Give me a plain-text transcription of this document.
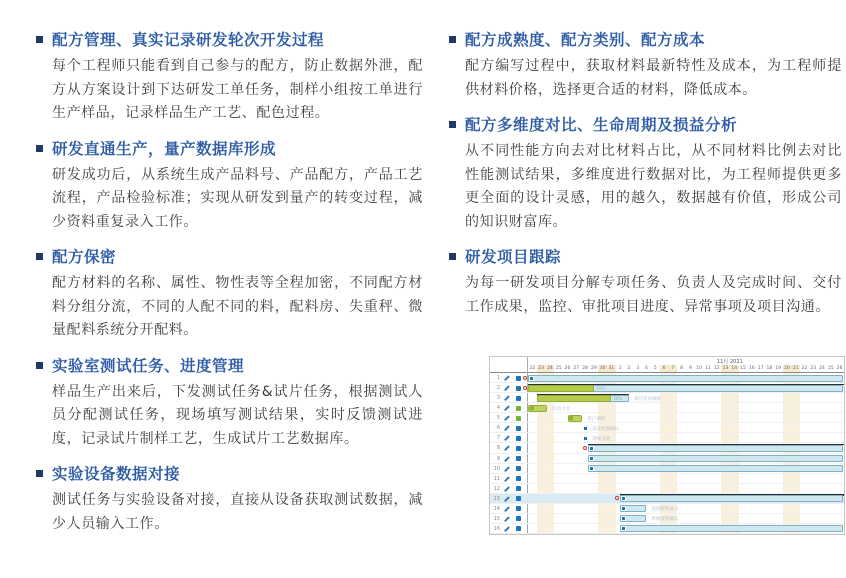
配方管理、真实记录研发轮次开发过程

每个工程师只能看到自己参与的配方，防止数据外泄，配方从方案设计到下达研发工单任务，制样小组按工单进行生产样品，记录样品生产工艺、配色过程。

研发直通生产，量产数据库形成

研发成功后，从系统生成产品料号、产品配方，产品工艺流程，产品检验标准；实现从研发到量产的转变过程，减少资料重复录入工作。

配方保密

配方材料的名称、属性、物性表等全程加密，不同配方材料分组分流，不同的人配不同的料，配料房、失重秤、微量配料系统分开配料。

实验室测试任务、进度管理

样品生产出来后，下发测试任务&试片任务，根据测试人员分配测试任务，现场填写测试结果，实时反馈测试进度，记录试片制样工艺，生成试片工艺数据库。

实验设备数据对接

测试任务与实验设备对接，直接从设备获取测试数据，减少人员输入工作。

配方成熟度、配方类别、配方成本

配方编写过程中，获取材料最新特性及成本，为工程师提供材料价格，选择更合适的材料，降低成本。

配方多维度对比、生命周期及损益分析

从不同性能方向去对比材料占比，从不同材料比例去对比性能测试结果，多维度进行数据对比，为工程师提供更多更全面的设计灵感，用的越久，数据越有价值，形成公司的知识财富库。

研发项目跟踪

为每一研发项目分解专项任务、负责人及完成时间、交付工作成果，监控、审批项目进度、异常事项及项目沟通。

11月 2021
22 23 24 25 26 27 28 29 30 31 1	2	3	4	5	6	7	8	9 10 11 12 13 14 15 16 17 18 19 20 21 22 23 24 25 26
1
2	74%
3	64%	项目需求调研
4	启动大会
5	客户调研
6	需求范围确认
7	现场交流
8
9
10
11
12
13
14	基础资料录入
15	系统流程确认
16
